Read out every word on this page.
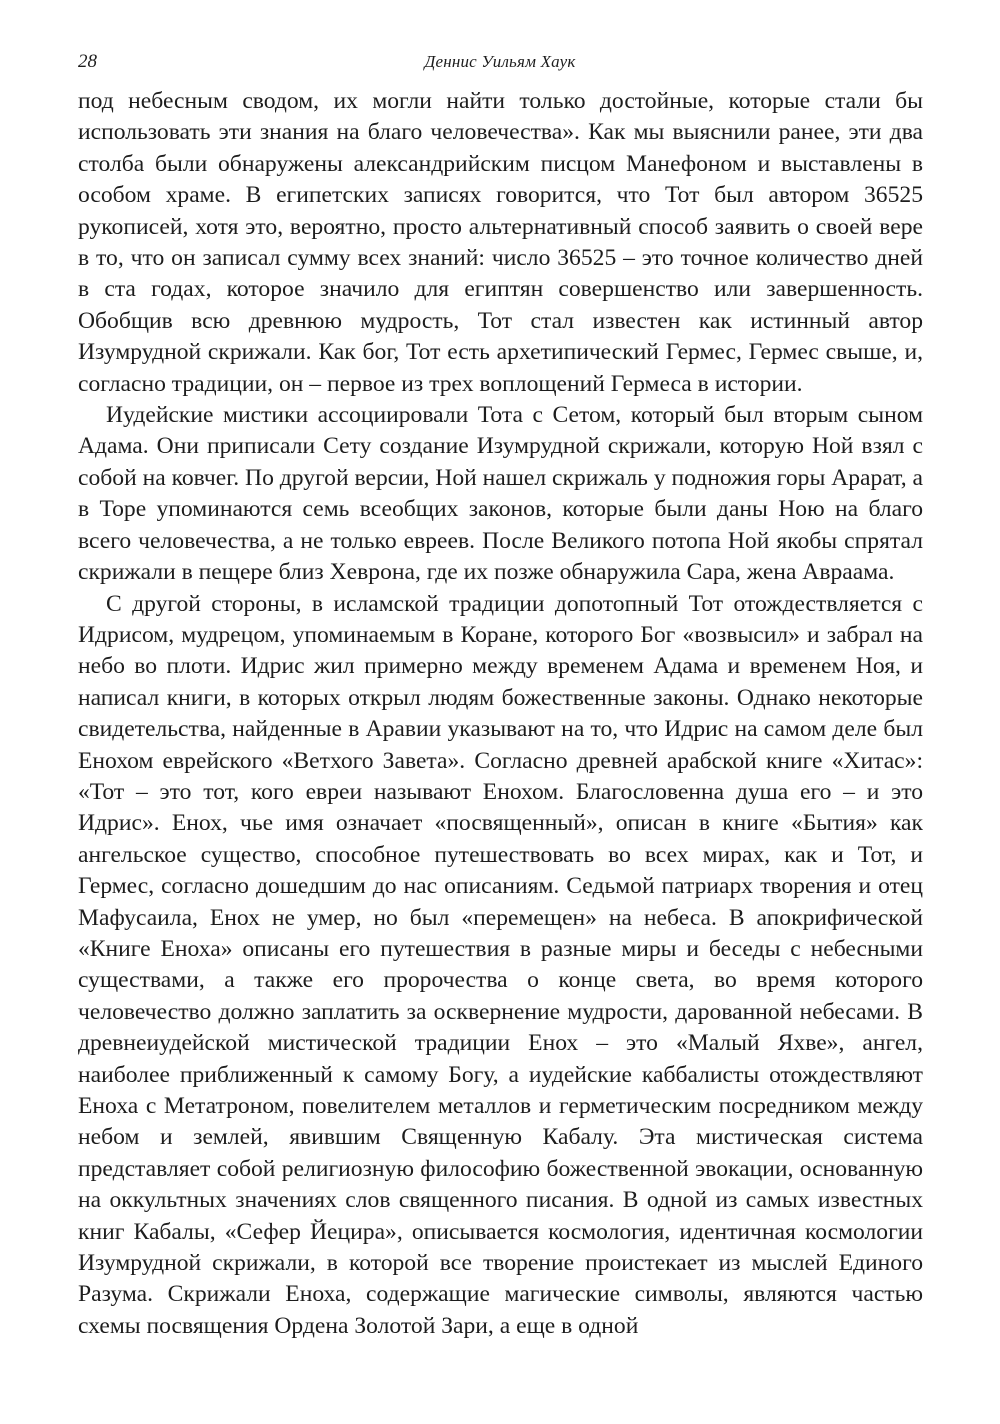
28	Деннис Уильям Хаук

под небесным сводом, их могли найти только достойные, которые стали бы использовать эти знания на благо человечества». Как мы выяснили ранее, эти два столба были обнаружены александрийским писцом Манефоном и выставлены в особом храме. В египетских записях говорится, что Тот был автором 36525 рукописей, хотя это, вероятно, просто альтернативный способ заявить о своей вере в то, что он записал сумму всех знаний: число 36525 – это точное количество дней в ста годах, которое значило для египтян совершенство или завершенность. Обобщив всю древнюю мудрость, Тот стал известен как истинный автор Изумрудной скрижали. Как бог, Тот есть архетипический Гермес, Гермес свыше, и, согласно традиции, он – первое из трех воплощений Гермеса в истории.

Иудейские мистики ассоциировали Тота с Сетом, который был вторым сыном Адама. Они приписали Сету создание Изумрудной скрижали, которую Ной взял с собой на ковчег. По другой версии, Ной нашел скрижаль у подножия горы Арарат, а в Торе упоминаются семь всеобщих законов, которые были даны Ною на благо всего человечества, а не только евреев. После Великого потопа Ной якобы спрятал скрижали в пещере близ Хеврона, где их позже обнаружила Сара, жена Авраама.

С другой стороны, в исламской традиции допотопный Тот отождествляется с Идрисом, мудрецом, упоминаемым в Коране, которого Бог «возвысил» и забрал на небо во плоти. Идрис жил примерно между временем Адама и временем Ноя, и написал книги, в которых открыл людям божественные законы. Однако некоторые свидетельства, найденные в Аравии указывают на то, что Идрис на самом деле был Енохом еврейского «Ветхого Завета». Согласно древней арабской книге «Хитас»: «Тот – это тот, кого евреи называют Енохом. Благословенна душа его – и это Идрис». Енох, чье имя означает «посвященный», описан в книге «Бытия» как ангельское существо, способное путешествовать во всех мирах, как и Тот, и Гермес, согласно дошедшим до нас описаниям. Седьмой патриарх творения и отец Мафусаила, Енох не умер, но был «перемещен» на небеса. В апокрифической «Книге Еноха» описаны его путешествия в разные миры и беседы с небесными существами, а также его пророчества о конце света, во время которого человечество должно заплатить за осквернение мудрости, дарованной небесами. В древнеиудейской мистической традиции Енох – это «Малый Яхве», ангел, наиболее приближенный к самому Богу, а иудейские каббалисты отождествляют Еноха с Метатроном, повелителем металлов и герметическим посредником между небом и землей, явившим Священную Кабалу. Эта мистическая система представляет собой религиозную философию божественной эвокации, основанную на оккультных значениях слов священного писания. В одной из самых известных книг Кабалы, «Сефер Йецира», описывается космология, идентичная космологии Изумрудной скрижали, в которой все творение проистекает из мыслей Единого Разума. Скрижали Еноха, содержащие магические символы, являются частью схемы посвящения Ордена Золотой Зари, а еще в одной
